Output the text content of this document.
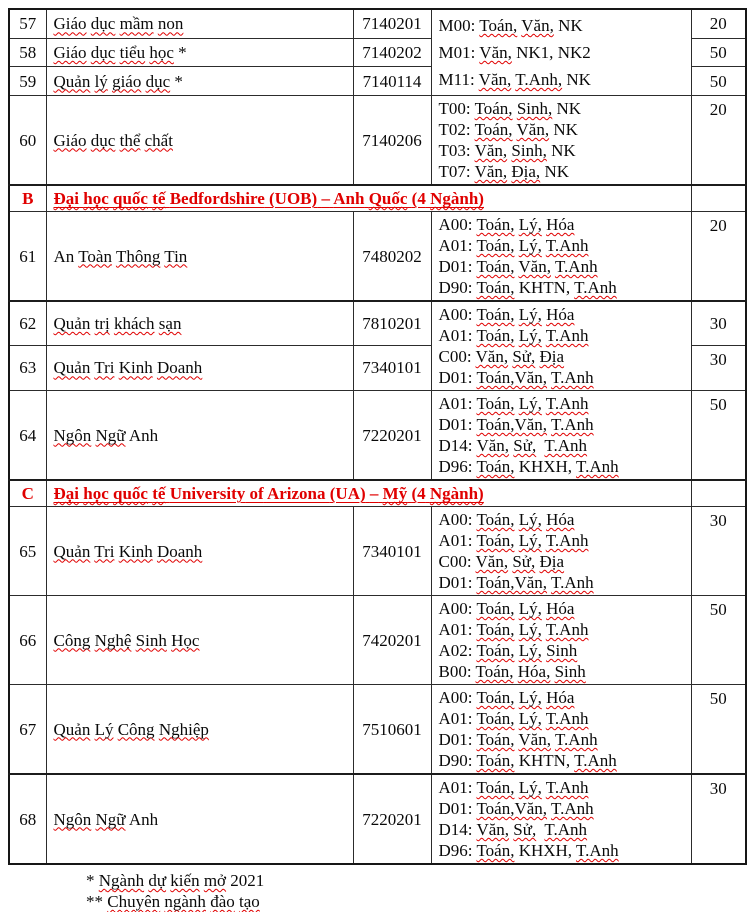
57	Giáo dục mầm non	7140201	M00: Toán, Văn, NK
M01: Văn, NK1, NK2
M11: Văn, T.Anh, NK	20
58	Giáo dục tiểu học *	7140202		50
59	Quản lý giáo dục *	7140114		50
60	Giáo dục thể chất	7140206	T00: Toán, Sinh, NK
T02: Toán, Văn, NK
T03: Văn, Sinh, NK
T07: Văn, Địa, NK	20
B	Đại học quốc tế Bedfordshire (UOB) – Anh Quốc (4 Ngành)			
61	An Toàn Thông Tin	7480202	A00: Toán, Lý, Hóa
A01: Toán, Lý, T.Anh
D01: Toán, Văn, T.Anh
D90: Toán, KHTN, T.Anh	20
62	Quản trị khách sạn	7810201	A00: Toán, Lý, Hóa
A01: Toán, Lý, T.Anh
C00: Văn, Sử, Địa
D01: Toán,Văn, T.Anh	30
63	Quản Tri Kinh Doanh	7340101		30
64	Ngôn Ngữ Anh	7220201	A01: Toán, Lý, T.Anh
D01: Toán,Văn, T.Anh
D14: Văn, Sử, T.Anh
D96: Toán, KHXH, T.Anh	50
C	Đại học quốc tế University of Arizona (UA) – Mỹ (4 Ngành)			
65	Quản Tri Kinh Doanh	7340101	A00: Toán, Lý, Hóa
A01: Toán, Lý, T.Anh
C00: Văn, Sử, Địa
D01: Toán,Văn, T.Anh	30
66	Công Nghệ Sinh Học	7420201	A00: Toán, Lý, Hóa
A01: Toán, Lý, T.Anh
A02: Toán, Lý, Sinh
B00: Toán, Hóa, Sinh	50
67	Quản Lý Công Nghiệp	7510601	A00: Toán, Lý, Hóa
A01: Toán, Lý, T.Anh
D01: Toán, Văn, T.Anh
D90: Toán, KHTN, T.Anh	50
68	Ngôn Ngữ Anh	7220201	A01: Toán, Lý, T.Anh
D01: Toán,Văn, T.Anh
D14: Văn, Sử, T.Anh
D96: Toán, KHXH, T.Anh	30
* Ngành dự kiến mở 2021
** Chuyên ngành đào tạo
